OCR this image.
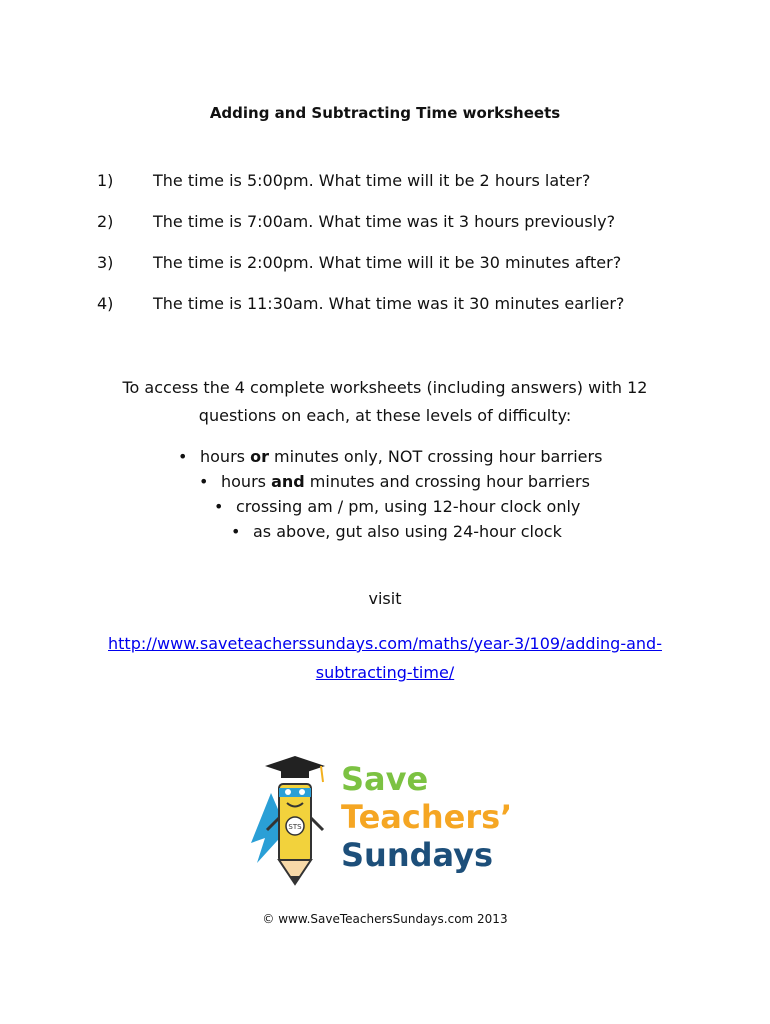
Adding and Subtracting Time worksheets
1) The time is 5:00pm. What time will it be 2 hours later?
2) The time is 7:00am. What time was it 3 hours previously?
3) The time is 2:00pm. What time will it be 30 minutes after?
4) The time is 11:30am. What time was it 30 minutes earlier?
To access the 4 complete worksheets (including answers) with 12 questions on each, at these levels of difficulty:
• hours or minutes only, NOT crossing hour barriers
• hours and minutes and crossing hour barriers
• crossing am / pm, using 12-hour clock only
• as above, gut also using 24-hour clock
visit
http://www.saveteacherssundays.com/maths/year-3/109/adding-and-
subtracting-time/
STS
Save
Teachers’
Sundays
© www.SaveTeachersSundays.com 2013
